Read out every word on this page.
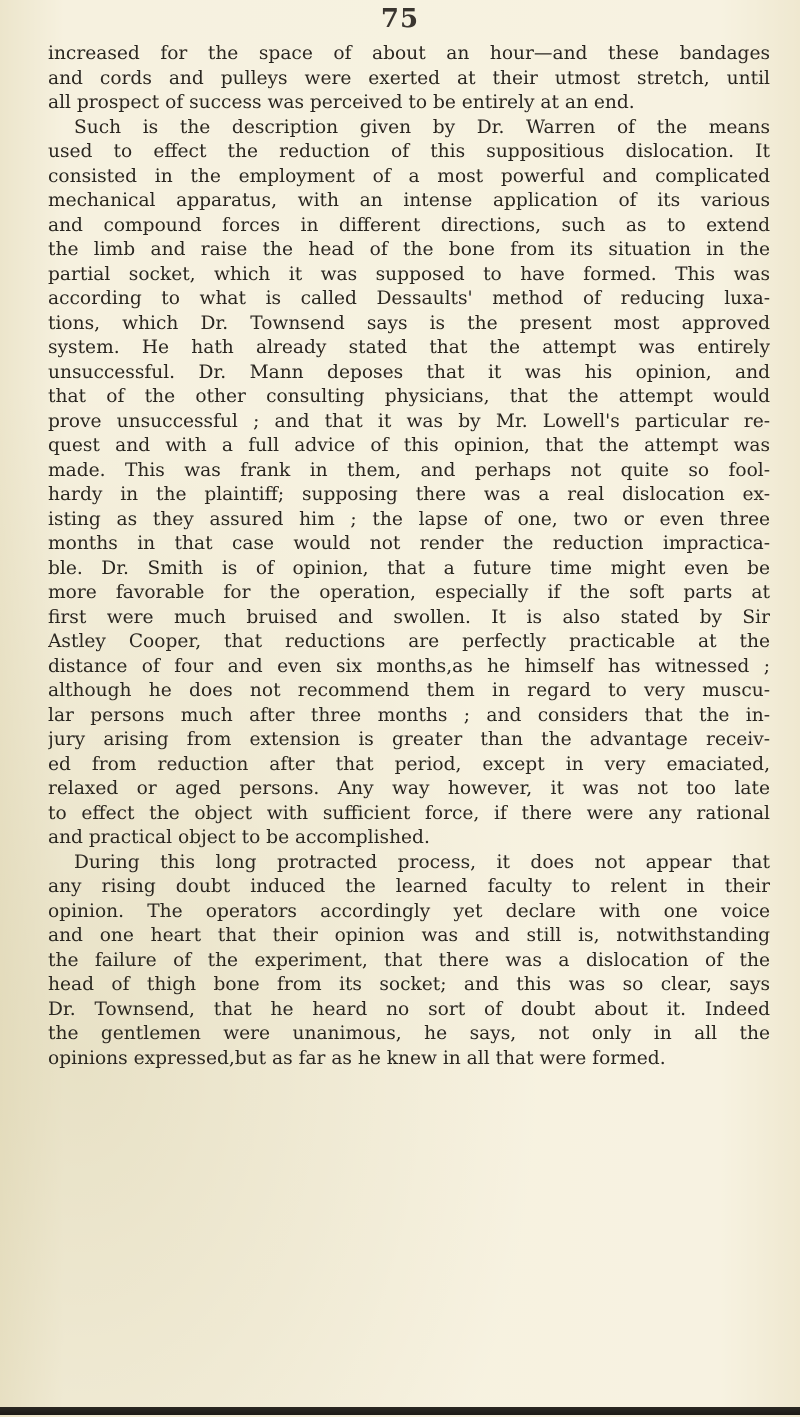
75

increased for the space of about an hour—and these bandages

and cords and pulleys were exerted at their utmost stretch, until

all prospect of success was perceived to be entirely at an end.

Such is the description given by Dr. Warren of the means

used to effect the reduction of this suppositious dislocation. It

consisted in the employment of a most powerful and complicated

mechanical apparatus, with an intense application of its various

and compound forces in different directions, such as to extend

the limb and raise the head of the bone from its situation in the

partial socket, which it was supposed to have formed. This was

according to what is called Dessaults' method of reducing luxa-

tions, which Dr. Townsend says is the present most approved

system. He hath already stated that the attempt was entirely

unsuccessful. Dr. Mann deposes that it was his opinion, and

that of the other consulting physicians, that the attempt would

prove unsuccessful ; and that it was by Mr. Lowell's particular re-

quest and with a full advice of this opinion, that the attempt was

made. This was frank in them, and perhaps not quite so fool-

hardy in the plaintiff; supposing there was a real dislocation ex-

isting as they assured him ; the lapse of one, two or even three

months in that case would not render the reduction impractica-

ble. Dr. Smith is of opinion, that a future time might even be

more favorable for the operation, especially if the soft parts at

first were much bruised and swollen. It is also stated by Sir

Astley Cooper, that reductions are perfectly practicable at the

distance of four and even six months,as he himself has witnessed ;

although he does not recommend them in regard to very muscu-

lar persons much after three months ; and considers that the in-

jury arising from extension is greater than the advantage receiv-

ed from reduction after that period, except in very emaciated,

relaxed or aged persons. Any way however, it was not too late

to effect the object with sufficient force, if there were any rational

and practical object to be accomplished.

During this long protracted process, it does not appear that

any rising doubt induced the learned faculty to relent in their

opinion. The operators accordingly yet declare with one voice

and one heart that their opinion was and still is, notwithstanding

the failure of the experiment, that there was a dislocation of the

head of thigh bone from its socket; and this was so clear, says

Dr. Townsend, that he heard no sort of doubt about it. Indeed

the gentlemen were unanimous, he says, not only in all the

opinions expressed,but as far as he knew in all that were formed.
